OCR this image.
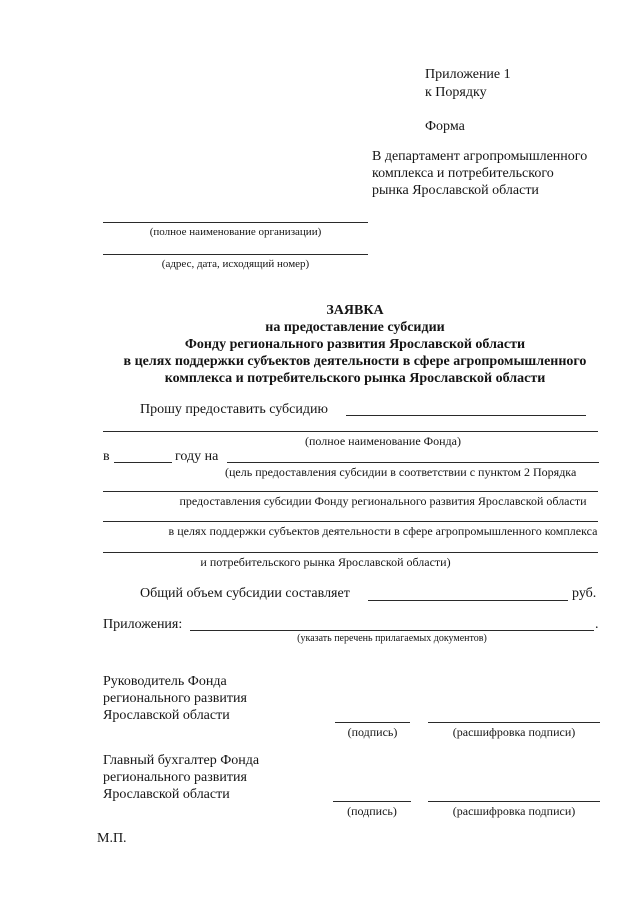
Приложение 1
к Порядку
Форма
В департамент агропромышленного
комплекса и потребительского
рынка Ярославской области
(полное наименование организации)
(адрес, дата, исходящий номер)
ЗАЯВКА
на предоставление субсидии
Фонду регионального развития Ярославской области
в целях поддержки субъектов деятельности в сфере агропромышленного
комплекса и потребительского рынка Ярославской области
Прошу предоставить субсидию
(полное наименование Фонда)
в	году на
(цель предоставления субсидии в соответствии с пунктом 2 Порядка
предоставления субсидии Фонду регионального развития Ярославской области
в целях поддержки субъектов деятельности в сфере агропромышленного комплекса
и потребительского рынка Ярославской области)
Общий объем субсидии составляет	руб.
Приложения:	.
(указать перечень прилагаемых документов)
Руководитель Фонда
регионального развития
Ярославской области
(подпись)	(расшифровка подписи)
Главный бухгалтер Фонда
регионального развития
Ярославской области
(подпись)	(расшифровка подписи)
М.П.
